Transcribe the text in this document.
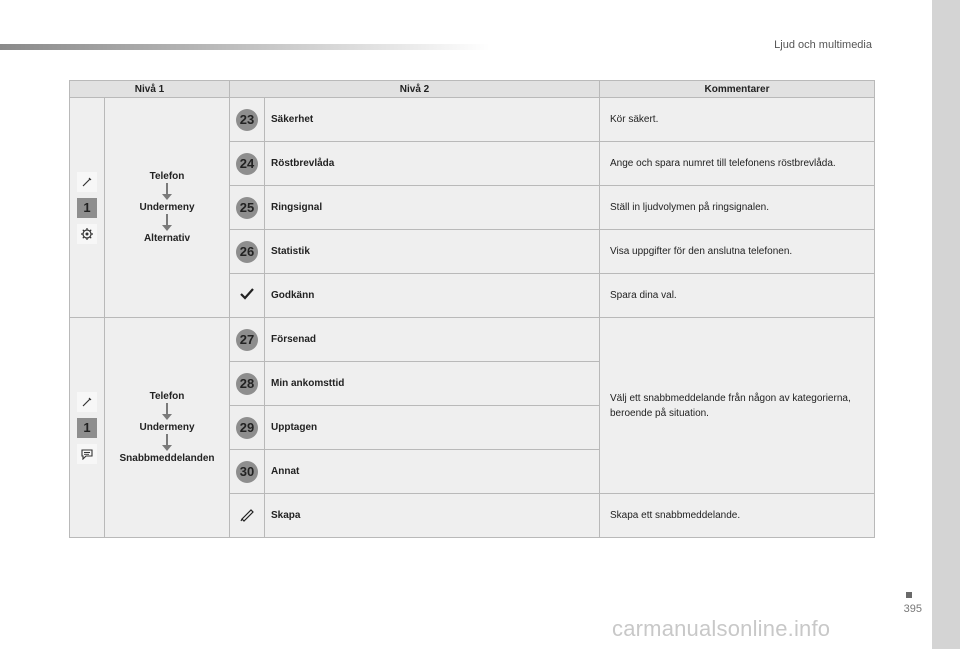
Ljud och multimedia
Nivå 1		Nivå 2		Kommentarer

1	Telefon
Undermeny
Alternativ	23	Säkerhet	Kör säkert.
		24	Röstbrevlåda	Ange och spara numret till telefonens röstbrevlåda.
		25	Ringsignal	Ställ in ljudvolymen på ringsignalen.
		26	Statistik	Visa uppgifter för den anslutna telefonen.
	Godkänn	Spara dina val.

1	Telefon
Undermeny
Snabbmeddelanden	27	Försenad	Välj ett snabbmeddelande från någon av kategorierna, beroende på situation.
		28	Min ankomsttid	
		29	Upptagen	
		30	Annat	
	Skapa	Skapa ett snabbmeddelande.
395
carmanualsonline.info
